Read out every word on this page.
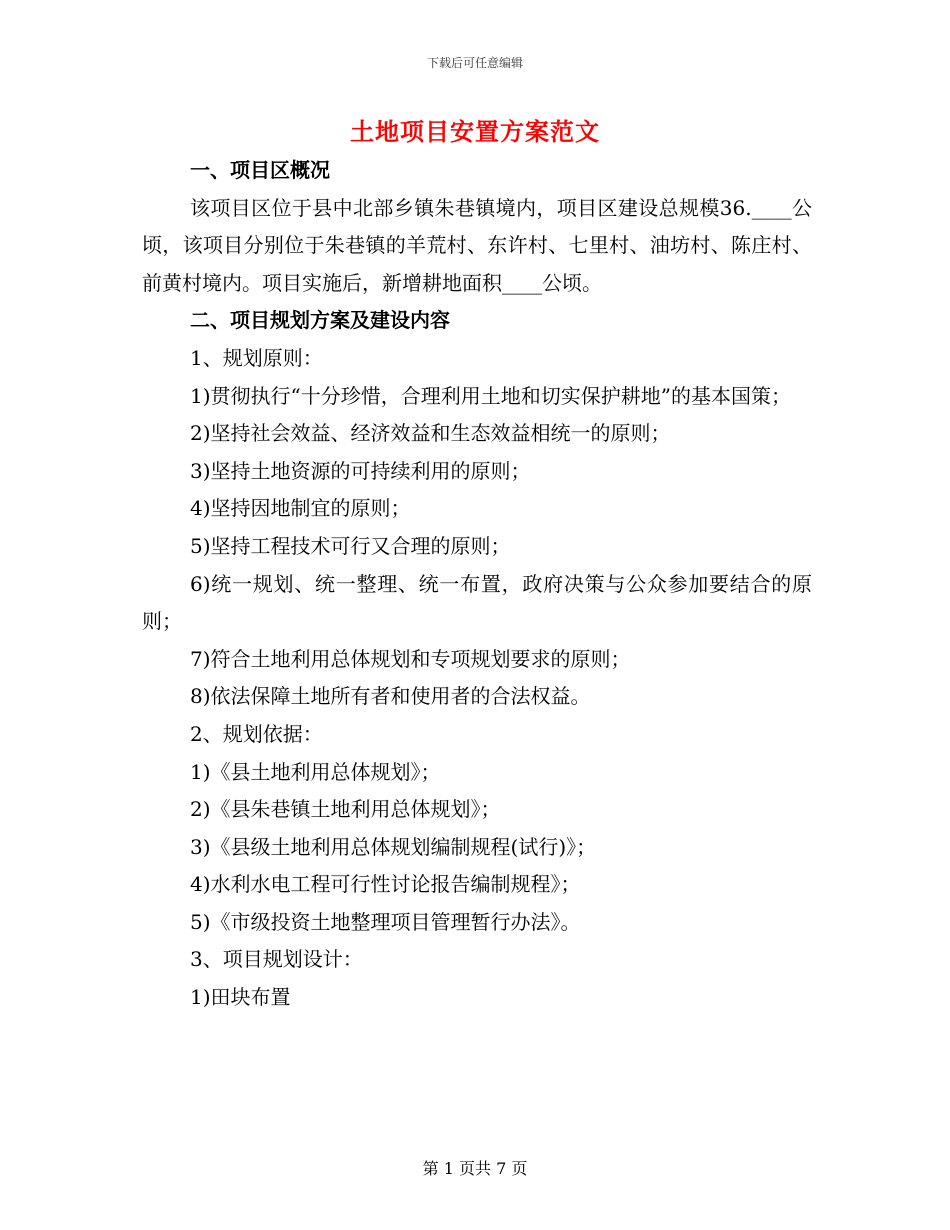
下载后可任意编辑
土地项目安置方案范文

一、项目区概况

该项目区位于县中北部乡镇朱巷镇境内，项目区建设总规模36.____公顷，该项目分别位于朱巷镇的羊荒村、东许村、七里村、油坊村、陈庄村、前黄村境内。项目实施后，新增耕地面积____公顷。

二、项目规划方案及建设内容

1、规划原则：

1)贯彻执行“十分珍惜，合理利用土地和切实保护耕地”的基本国策；

2)坚持社会效益、经济效益和生态效益相统一的原则；

3)坚持土地资源的可持续利用的原则；

4)坚持因地制宜的原则；

5)坚持工程技术可行又合理的原则；

6)统一规划、统一整理、统一布置，政府决策与公众参加要结合的原则；

7)符合土地利用总体规划和专项规划要求的原则；

8)依法保障土地所有者和使用者的合法权益。

2、规划依据：

1)《县土地利用总体规划》；

2)《县朱巷镇土地利用总体规划》；

3)《县级土地利用总体规划编制规程(试行)》；

4)水利水电工程可行性讨论报告编制规程》；

5)《市级投资土地整理项目管理暂行办法》。

3、项目规划设计：

1)田块布置

第 1 页共 7 页
